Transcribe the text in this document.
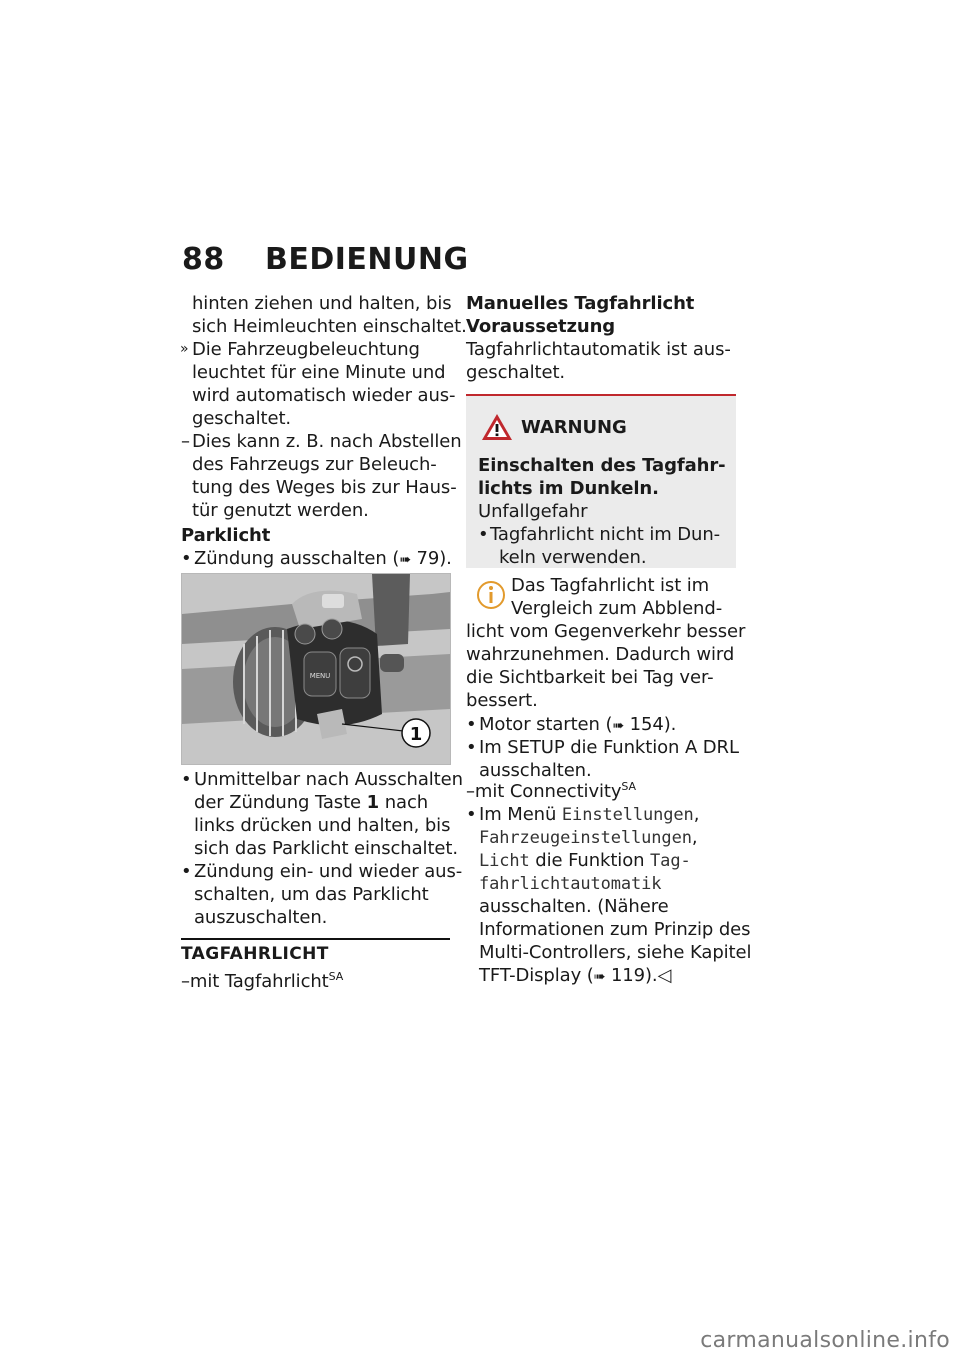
88 BEDIENUNG
hinten ziehen und halten, bis
sich Heimleuchten einschaltet.
» Die Fahrzeugbeleuchtung
leuchtet für eine Minute und
wird automatisch wieder aus-
geschaltet.
– Dies kann z. B. nach Abstellen
des Fahrzeugs zur Beleuch-
tung des Weges bis zur Haus-
tür genutzt werden.
Parklicht
• Zündung ausschalten (➠ 79).
MENU
1
• Unmittelbar nach Ausschalten
der Zündung Taste 1 nach
links drücken und halten, bis
sich das Parklicht einschaltet.
• Zündung ein- und wieder aus-
schalten, um das Parklicht
auszuschalten.
TAGFAHRLICHT
–mit Tagfahrlicht$^{SA}$
Manuelles Tagfahrlicht
Voraussetzung
Tagfahrlichtautomatik ist aus-
geschaltet.
WARNUNG
Einschalten des Tagfahr-
lichts im Dunkeln.
Unfallgefahr
• Tagfahrlicht nicht im Dun-
keln verwenden.
Das Tagfahrlicht ist im
Vergleich zum Abblend-
licht vom Gegenverkehr besser
wahrzunehmen. Dadurch wird
die Sichtbarkeit bei Tag ver-
bessert.
• Motor starten (➠ 154).
• Im SETUP die Funktion A DRL
ausschalten.
–mit Connectivity$^{SA}$
• Im Menü Einstellungen,
Fahrzeugeinstellungen,
Licht die Funktion Tag-
fahrlichtautomatik
ausschalten. (Nähere
Informationen zum Prinzip des
Multi-Controllers, siehe Kapitel
TFT-Display (➠ 119).◁
carmanualsonline.info
